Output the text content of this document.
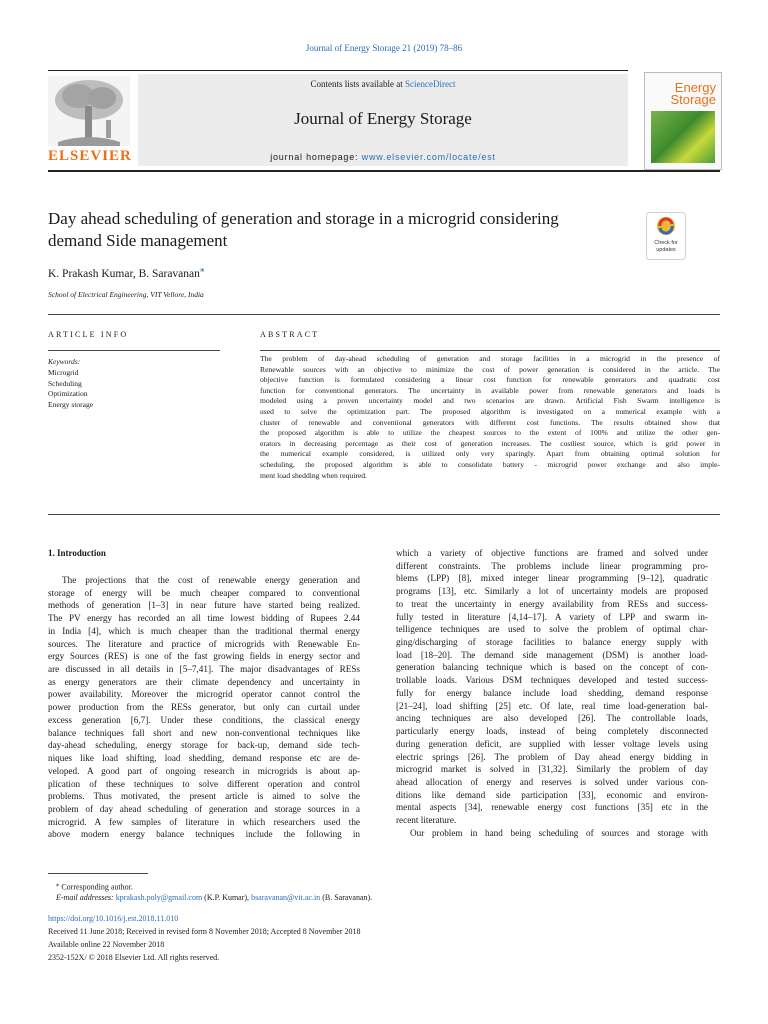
Journal of Energy Storage 21 (2019) 78–86
ELSEVIER
Contents lists available at ScienceDirect
Journal of Energy Storage
journal homepage: www.elsevier.com/locate/est
Energy
Storage
Day ahead scheduling of generation and storage in a microgrid considering
demand Side management	Check for
updates
K. Prakash Kumar, B. Saravanan⁎
School of Electrical Engineering, VIT Vellore, India
ARTICLE INFO	ABSTRACT
Keywords:
Microgrid
Scheduling
Optimization
Energy storage
The problem of day-ahead scheduling of generation and storage facilities in a microgrid in the presence of
Renewable sources with an objective to minimize the cost of power generation is considered in the article. The
objective function is formulated considering a linear cost function for renewable generators and quadratic cost
function for conventional generators. The uncertainty in available power from renewable generators and loads is
modeled using a proven uncertainty model and two scenarios are drawn. Artificial Fish Swarm intelligence is
used to solve the optimization part. The proposed algorithm is investigated on a numerical example with a
cluster of renewable and conventional generators with different cost functions. The results obtained show that
the proposed algorithm is able to utilize the cheapest sources to the extent of 100% and utilize the other gen-
erators in decreasing percentage as their cost of generation increases. The costliest source, which is grid power in
the numerical example considered, is utilized only very sparingly. Apart from obtaining optimal solution for
scheduling, the proposed algorithm is able to consolidate battery - microgrid power exchange and also imple-
ment load shedding when required.
1. Introduction
The projections that the cost of renewable energy generation and
storage of energy will be much cheaper compared to conventional
methods of generation [1–3] in near future have started being realized.
The PV energy has recorded an all time lowest bidding of Rupees 2.44
in India [4], which is much cheaper than the traditional thermal energy
sources. The literature and practice of microgrids with Renewable En-
ergy Sources (RES) is one of the fast growing fields in energy sector and
are discussed in all details in [5–7,41]. The major disadvantages of RESs
as energy generators are their climate dependency and uncertainty in
power availability. Moreover the microgrid operator cannot control the
power production from the RESs generator, but only can curtail under
excess generation [6,7]. Under these conditions, the classical energy
balance techniques fall short and new non-conventional techniques like
day-ahead scheduling, energy storage for back-up, demand side tech-
niques like load shifting, load shedding, demand response etc are de-
veloped. A good part of ongoing research in microgrids is about ap-
plication of these techniques to solve different operation and control
problems. Thus motivated, the present article is aimed to solve the
problem of day ahead scheduling of generation and storage sources in a
microgrid. A few samples of literature in which researchers used the
above modern energy balance techniques include the following in
which a variety of objective functions are framed and solved under
different constraints. The problems include linear programming pro-
blems (LPP) [8], mixed integer linear programming [9–12], quadratic
programs [13], etc. Similarly a lot of uncertainty models are proposed
to treat the uncertainty in energy availability from RESs and success-
fully tested in literature [4,14–17]. A variety of LPP and swarm in-
telligence techniques are used to solve the problem of optimal char-
ging/discharging of storage facilities to balance energy supply with
load [18–20]. The demand side management (DSM) is another load-
generation balancing technique which is based on the concept of con-
trollable loads. Various DSM techniques developed and tested success-
fully for energy balance include load shedding, demand response
[21–24], load shifting [25] etc. Of late, real time load-generation bal-
ancing techniques are also developed [26]. The controllable loads,
particularly energy loads, instead of being completely disconnected
during generation deficit, are supplied with lesser voltage levels using
electric springs [26]. The problem of Day ahead energy bidding in
microgrid market is solved in [31,32]. Similarly the problem of day
ahead allocation of energy and reserves is solved under various con-
ditions like demand side participation [33], economic and environ-
mental aspects [34], renewable energy cost functions [35] etc in the
recent literature.
Our problem in hand being scheduling of sources and storage with
⁎ Corresponding author.
E-mail addresses: kprakash.poly@gmail.com (K.P. Kumar), bsaravanan@vit.ac.in (B. Saravanan).
https://doi.org/10.1016/j.est.2018.11.010
Received 11 June 2018; Received in revised form 8 November 2018; Accepted 8 November 2018
Available online 22 November 2018
2352-152X/ © 2018 Elsevier Ltd. All rights reserved.
